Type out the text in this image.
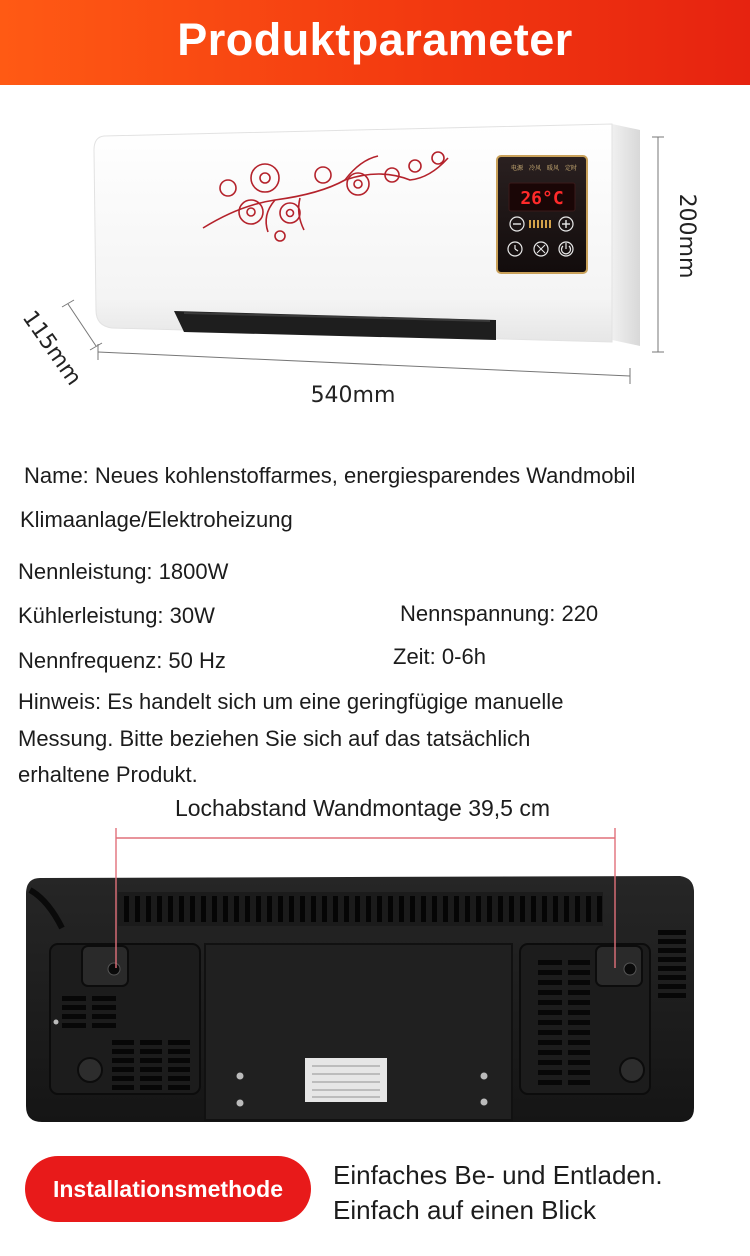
Produktparameter
电源 冷风 暖风 定时
26°C	200mm
540mm
115mm
Name: Neues kohlenstoffarmes, energiesparendes Wandmobil
Klimaanlage/Elektroheizung
Nennleistung: 1800W
Kühlerleistung: 30W	Nennspannung: 220
Nennfrequenz: 50 Hz	Zeit: 0-6h
Hinweis: Es handelt sich um eine geringfügige manuelle
Messung. Bitte beziehen Sie sich auf das tatsächlich
erhaltene Produkt.
Lochabstand Wandmontage 39,5 cm
Installationsmethode Einfaches Be- und Entladen.
Einfach auf einen Blick
